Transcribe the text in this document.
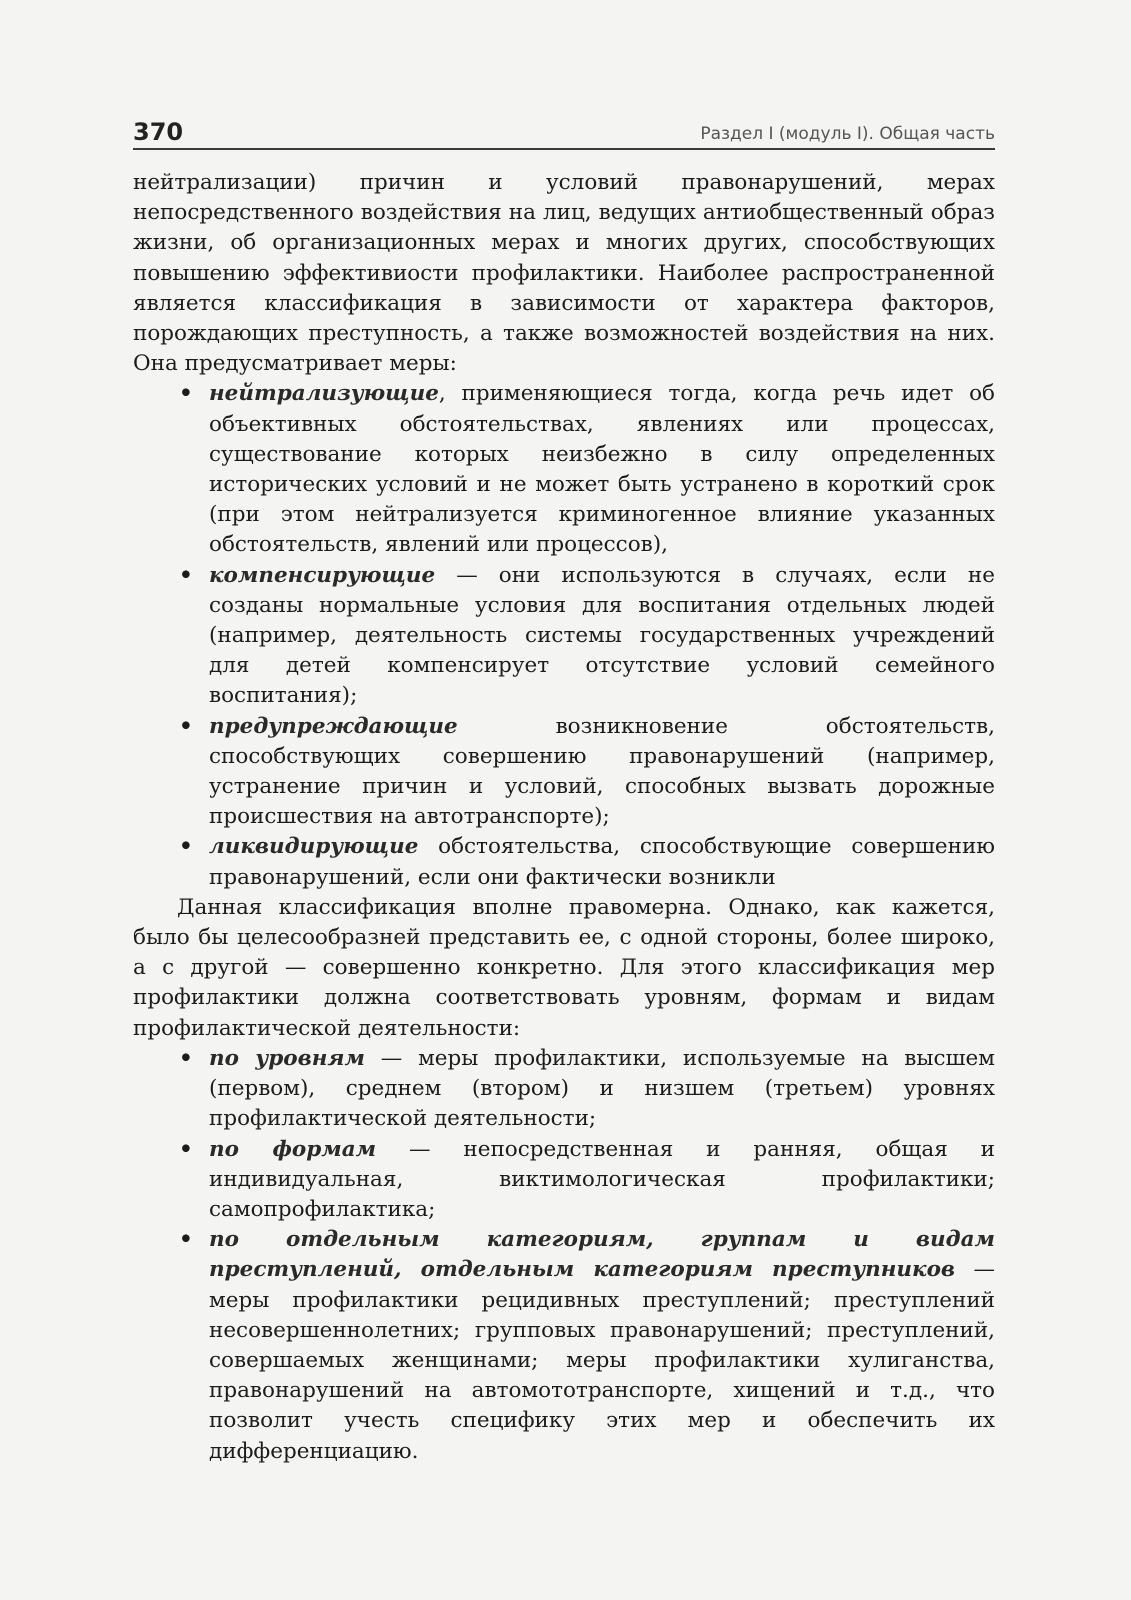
370	Раздел I (модуль I). Общая часть

нейтрализации) причин и условий правонарушений, мерах непосредственного воздействия на лиц, ведущих антиобщественный образ жизни, об организационных мерах и многих других, способствующих повышению эффективиости профилактики. Наиболее распространенной является классификация в зависимости от характера факторов, порождающих преступность, а также возможностей воздействия на них. Она предусматривает меры:

• нейтрализующие, применяющиеся тогда, когда речь идет об объективных обстоятельствах, явлениях или процессах, существование которых неизбежно в силу определенных исторических условий и не может быть устранено в короткий срок (при этом нейтрализуется криминогенное влияние указанных обстоятельств, явлений или процессов),
• компенсирующие — они используются в случаях, если не созданы нормальные условия для воспитания отдельных людей (например, деятельность системы государственных учреждений для детей компенсирует отсутствие условий семейного воспитания);
• предупреждающие возникновение обстоятельств, способствующих совершению правонарушений (например, устранение причин и условий, способных вызвать дорожные происшествия на автотранспорте);
• ликвидирующие обстоятельства, способствующие совершению правонарушений, если они фактически возникли

Данная классификация вполне правомерна. Однако, как кажется, было бы целесообразней представить ее, с одной стороны, более широко, а с другой — совершенно конкретно. Для этого классификация мер профилактики должна соответствовать уровням, формам и видам профилактической деятельности:

• по уровням — меры профилактики, используемые на высшем (первом), среднем (втором) и низшем (третьем) уровнях профилактической деятельности;
• по формам — непосредственная и ранняя, общая и индивидуальная, виктимологическая профилактики; самопрофилактика;
• по отдельным категориям, группам и видам преступлений, отдельным категориям преступников — меры профилактики рецидивных преступлений; преступлений несовершеннолетних; групповых правонарушений; преступлений, совершаемых женщинами; меры профилактики хулиганства, правонарушений на автомототранспорте, хищений и т.д., что позволит учесть специфику этих мер и обеспечить их дифференциацию.
